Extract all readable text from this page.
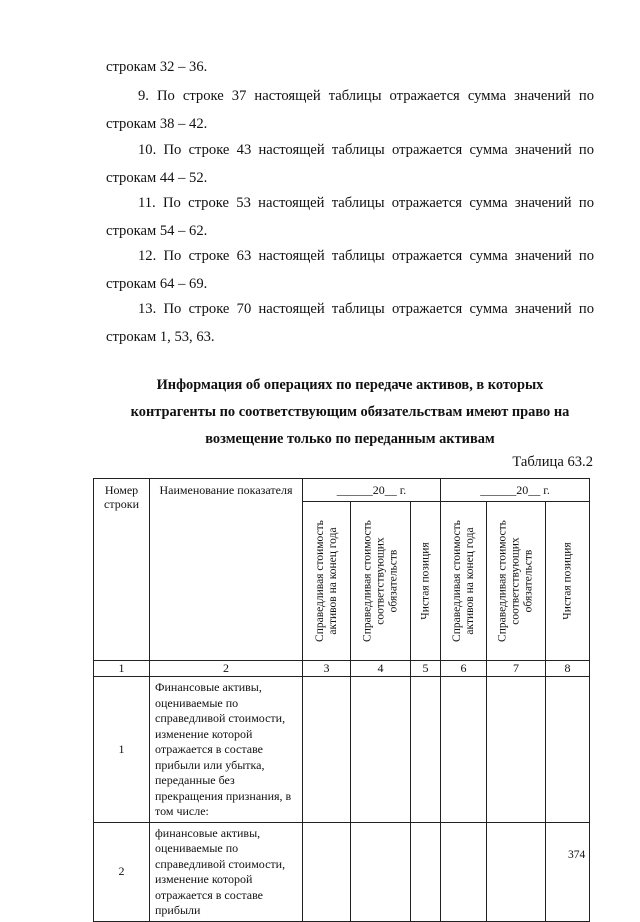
строкам 32 – 36.
9. По строке 37 настоящей таблицы отражается сумма значений по
строкам 38 – 42.
10. По строке 43 настоящей таблицы отражается сумма значений по
строкам 44 – 52.
11. По строке 53 настоящей таблицы отражается сумма значений по
строкам 54 – 62.
12. По строке 63 настоящей таблицы отражается сумма значений по
строкам 64 – 69.
13. По строке 70 настоящей таблицы отражается сумма значений по
строкам 1, 53, 63.
Информация об операциях по передаче активов, в которых
контрагенты по соответствующим обязательствам имеют право на
возмещение только по переданным активам
Таблица 63.2
Номер строки	Наименование показателя	______20__ г.			______20__ г.		

		Справедливая стоимость активов на конец года	Справедливая стоимость соответствующих обязательств	Чистая позиция	Справедливая стоимость активов на конец года	Справедливая стоимость соответствующих обязательств	Чистая позиция

1	2	3	4	5	6	7	8
1	Финансовые активы, оцениваемые по справедливой стоимости, изменение которой отражается в составе прибыли или убытка, переданные без прекращения признания, в том числе:						
2	финансовые активы, оцениваемые по справедливой стоимости, изменение которой отражается в составе прибыли						
374
